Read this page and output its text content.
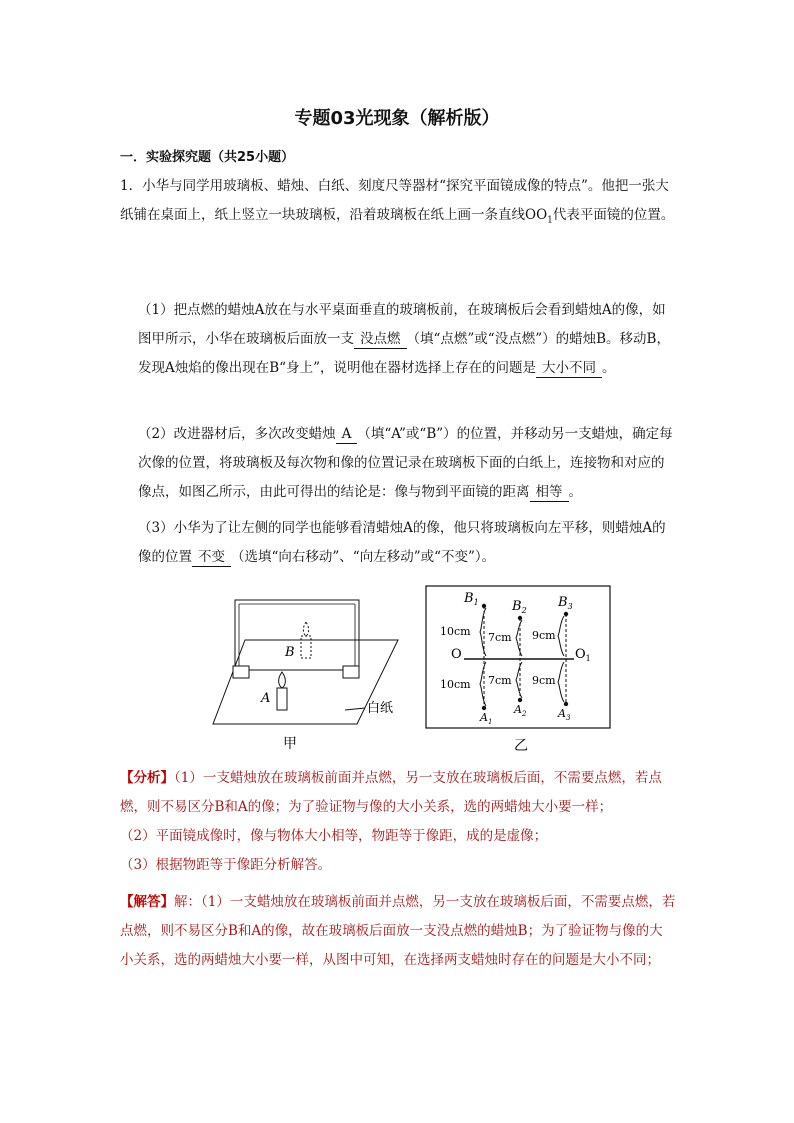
专题03光现象（解析版）
一．实验探究题（共25小题）
1．小华与同学用玻璃板、蜡烛、白纸、刻度尺等器材“探究平面镜成像的特点”。他把一张大纸铺在桌面上，纸上竖立一块玻璃板，沿着玻璃板在纸上画一条直线$OO_1$代表平面镜的位置。
（1）把点燃的蜡烛A放在与水平桌面垂直的玻璃板前，在玻璃板后会看到蜡烛A的像，如图甲所示，小华在玻璃板后面放一支 没点燃 （填“点燃”或“没点燃”）的蜡烛B。移动B，发现A烛焰的像出现在B“身上”，说明他在器材选择上存在的问题是 大小不同 。
（2）改进器材后，多次改变蜡烛 A （填“A”或“B”）的位置，并移动另一支蜡烛，确定每次像的位置，将玻璃板及每次物和像的位置记录在玻璃板下面的白纸上，连接物和对应的像点，如图乙所示，由此可得出的结论是：像与物到平面镜的距离 相等 。
（3）小华为了让左侧的同学也能够看清蜡烛A的像，他只将玻璃板向左平移，则蜡烛A的像的位置 不变 （选填“向右移动”、“向左移动”或“不变”）。
B
A
白纸
甲
O	$O_1$
$B_1$
$A_1$
10cm
10cm
$B_2$
$A_2$
7cm
7cm
$B_3$
$A_3$
9cm
9cm
乙
【分析】（1）一支蜡烛放在玻璃板前面并点燃，另一支放在玻璃板后面，不需要点燃，若点燃，则不易区分B和A的像；为了验证物与像的大小关系，选的两蜡烛大小要一样；
（2）平面镜成像时，像与物体大小相等，物距等于像距，成的是虚像；
（3）根据物距等于像距分析解答。
【解答】解：（1）一支蜡烛放在玻璃板前面并点燃，另一支放在玻璃板后面，不需要点燃，若点燃，则不易区分B和A的像，故在玻璃板后面放一支没点燃的蜡烛B；为了验证物与像的大小关系，选的两蜡烛大小要一样，从图中可知，在选择两支蜡烛时存在的问题是大小不同；
